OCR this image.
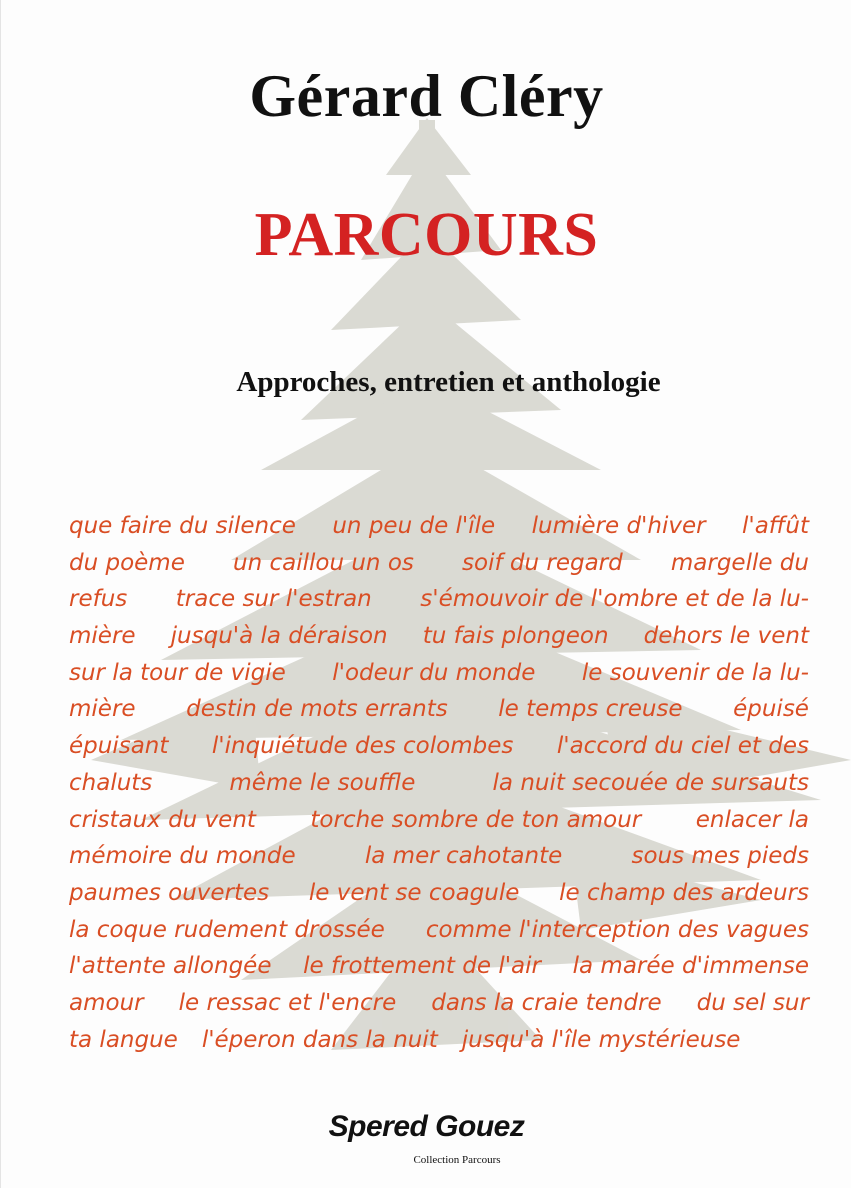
Gérard Cléry
PARCOURS
Approches, entretien et anthologie
que faire du silence un peu de l'île lumière d'hiver l'affût
du poème un caillou un os soif du regard margelle du
refus trace sur l'estran s'émouvoir de l'ombre et de la lu-
mière jusqu'à la déraison tu fais plongeon dehors le vent
sur la tour de vigie l'odeur du monde le souvenir de la lu-
mière destin de mots errants le temps creuse épuisé
épuisant l'inquiétude des colombes l'accord du ciel et des
chaluts	même le souffle	la nuit secouée de sursauts
cristaux du vent torche sombre de ton amour enlacer la
mémoire du monde	la mer cahotante	sous mes pieds
paumes ouvertes le vent se coagule le champ des ardeurs
la coque rudement drossée comme l'interception des vagues
l'attente allongée le frottement de l'air la marée d'immense
amour le ressac et l'encre dans la craie tendre du sel sur
ta langue l'éperon dans la nuit jusqu'à l'île mystérieuse
Spered Gouez
Collection Parcours
